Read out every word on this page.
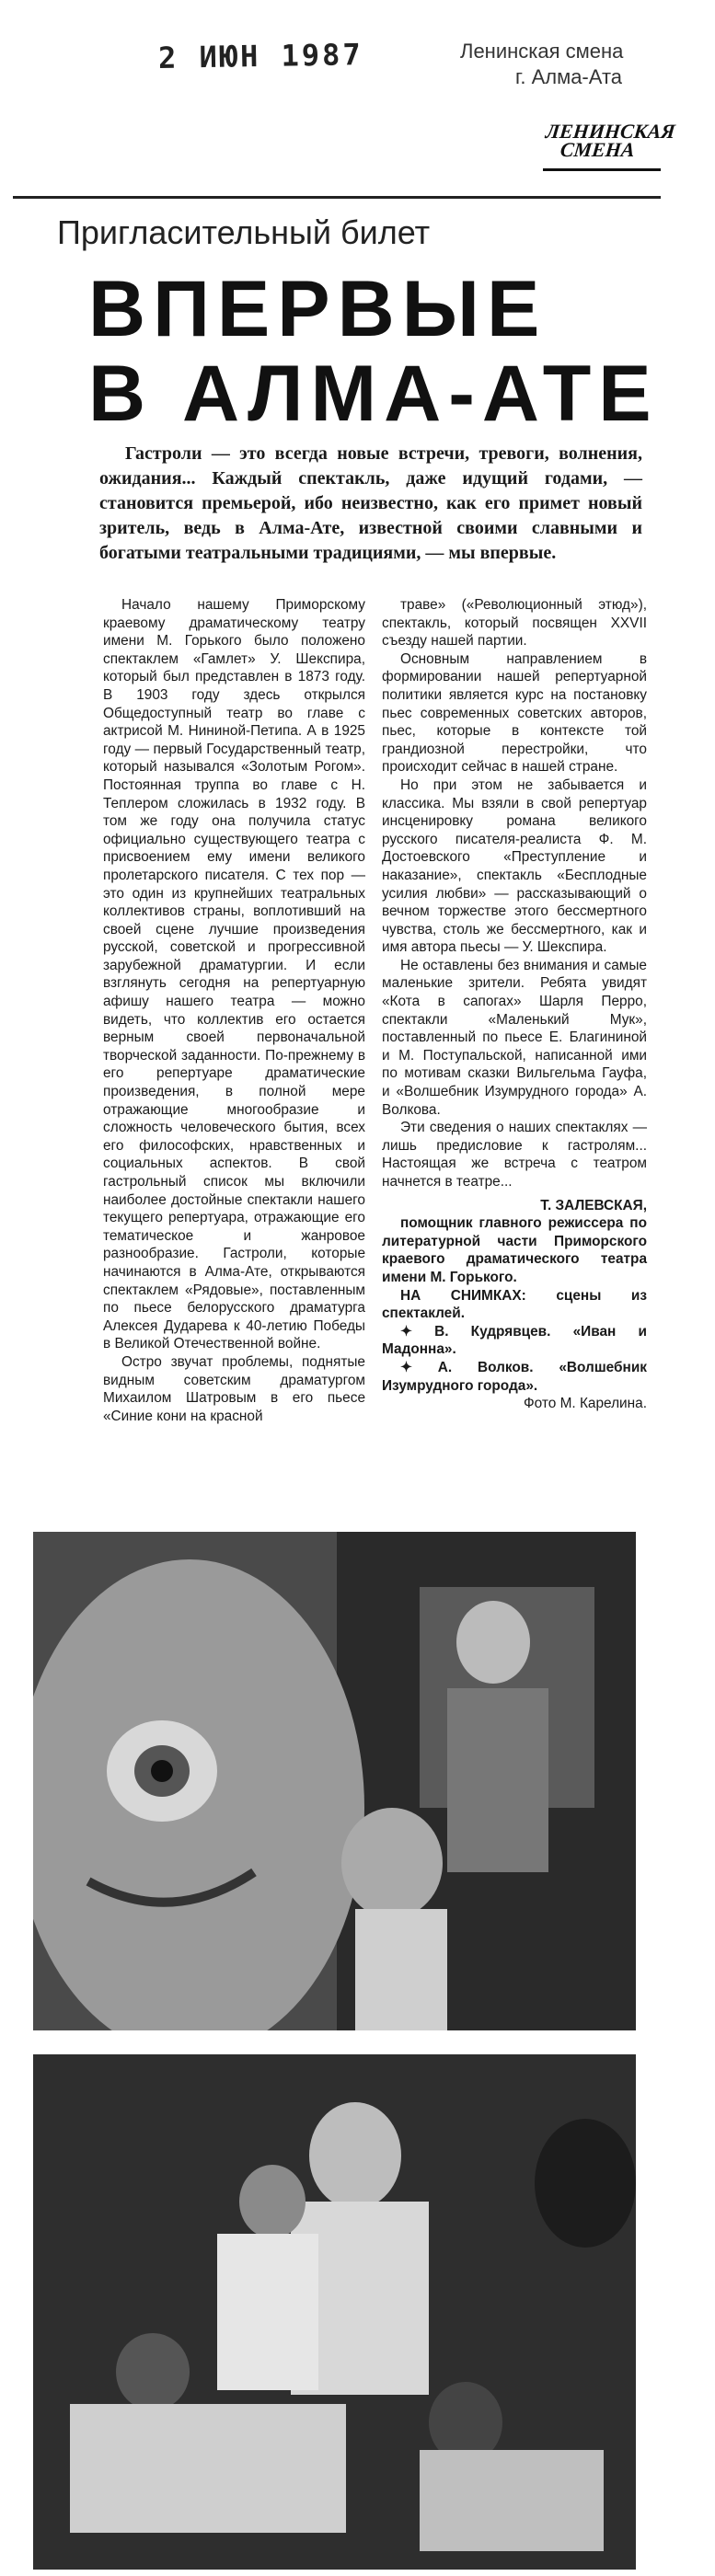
2 ИЮН 1987	Ленинская смена
г. Алма-Ата
ЛЕНИНСКАЯ
СМЕНА
Пригласительный билет
ВПЕРВЫЕ
В АЛМА-АТЕ
Гастроли — это всегда новые встречи, тревоги, волнения, ожидания... Каждый спектакль, даже идущий годами, — становится премьерой, ибо неизвестно, как его примет новый зритель, ведь в Алма-Ате, известной своими славными и богатыми театральными традициями, — мы впервые.

Начало нашему Приморскому краевому драматическому театру имени М. Горького было положено спектаклем «Гамлет» У. Шекспира, который был представлен в 1873 году. В 1903 году здесь открылся Общедоступный театр во главе с актрисой М. Нининой-Петипа. А в 1925 году — первый Государственный театр, который назывался «Золотым Рогом». Постоянная труппа во главе с Н. Теплером сложилась в 1932 году. В том же году она получила статус официально существующего театра с присвоением ему имени великого пролетарского писателя. С тех пор — это один из крупнейших театральных коллективов страны, воплотивший на своей сцене лучшие произведения русской, советской и прогрессивной зарубежной драматургии. И если взглянуть сегодня на репертуарную афишу нашего театра — можно видеть, что коллектив его остается верным своей первоначальной творческой заданности. По-прежнему в его репертуаре драматические произведения, в полной мере отражающие многообразие и сложность человеческого бытия, всех его философских, нравственных и социальных аспектов. В свой гастрольный список мы включили наиболее достойные спектакли нашего текущего репертуара, отражающие его тематическое и жанровое разнообразие. Гастроли, которые начинаются в Алма-Ате, открываются спектаклем «Рядовые», поставленным по пьесе белорусского драматурга Алексея Дударева к 40-летию Победы в Великой Отечественной войне.

Остро звучат проблемы, поднятые видным советским драматургом Михаилом Шатровым в его пьесе «Синие кони на красной

траве» («Революционный этюд»), спектакль, который посвящен XXVII съезду нашей партии.

Основным направлением в формировании нашей репертуарной политики является курс на постановку пьес современных советских авторов, пьес, которые в контексте той грандиозной перестройки, что происходит сейчас в нашей стране.

Но при этом не забывается и классика. Мы взяли в свой репертуар инсценировку романа великого русского писателя-реалиста Ф. М. Достоевского «Преступление и наказание», спектакль «Бесплодные усилия любви» — рассказывающий о вечном торжестве этого бессмертного чувства, столь же бессмертного, как и имя автора пьесы — У. Шекспира.

Не оставлены без внимания и самые маленькие зрители. Ребята увидят «Кота в сапогах» Шарля Перро, спектакли «Маленький Мук», поставленный по пьесе Е. Благининой и М. Поступальской, написанной ими по мотивам сказки Вильгельма Гауфа, и «Волшебник Изумрудного города» А. Волкова.

Эти сведения о наших спектаклях — лишь предисловие к гастролям... Настоящая же встреча с театром начнется в театре...

Т. ЗАЛЕВСКАЯ,

помощник главного режиссера по литературной части Приморского краевого драматического театра имени М. Горького.

НА СНИМКАХ: сцены из спектаклей.

✦ В. Кудрявцев. «Иван и Мадонна».

✦ А. Волков. «Волшебник Изумрудного города».

Фото М. Карелина.
